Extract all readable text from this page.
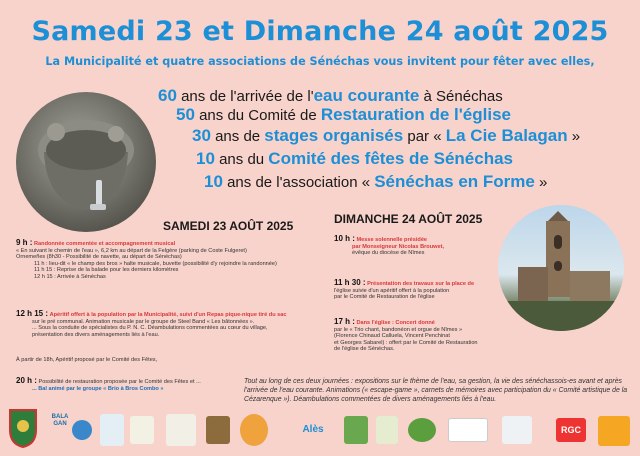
Samedi 23 et Dimanche 24 août 2025
La Municipalité et quatre associations de Sénéchas vous invitent pour fêter avec elles,
60 ans de l'arrivée de l'eau courante à Sénéchas
50 ans du Comité de Restauration de l'église
30 ans de stages organisés par « La Cie Balagan »
10 ans du Comité des fêtes de Sénéchas
10 ans de l'association « Sénéchas en Forme »
SAMEDI 23 AOÛT 2025
9 h : Randonnée commentée et accompagnement musical
« En suivant le chemin de l'eau », 6,2 km au départ de la Felgère (parking de Coste Fulgeret)
Ornemeñes (8h30 - Possibilité de navette, au départ de Sénéchas)
11 h : lieu-dit « le champ des bros » halte musicale, buvette (possibilité d'y rejoindre la randonnée)
11 h 15 : Reprise de la balade pour les derniers kilomètres
12 h 15 : Arrivée à Sénéchas
12 h 15 : Apéritif offert à la population par la Municipalité, suivi d'un Repas pique-nique tiré du sac
sur le pré communal. Animation musicale par le groupe de Steel Band « Les bâtonnées ».
... Sous la conduite de spécialistes du P. N. C. Déambulations commentées au cœur du village,
présentation des divers aménagements liés à l'eau.
À partir de 18h, Apéritif proposé par le Comité des Fêtes,
20 h : Possibilité de restauration proposée par le Comité des Fêtes et ...
... Bal animé par le groupe « Brio à Bros Combo »
DIMANCHE 24 AOÛT 2025
10 h : Messe solennelle présidée
par Monseigneur Nicolas Brouwet,
évêque du diocèse de Nîmes
11 h 30 : Présentation des travaux sur la place de
l'église suivie d'un apéritif offert à la population
par le Comité de Restauration de l'église
17 h : Dans l'église : Concert donné
par le « Trio chant, bandonéon et orgue de Nîmes »
(Florence Chinaud Calluela, Vincent Penchinat
et Georges Sabarel) : offert par le Comité de Restauration
de l'église de Sénéchas.
Tout au long de ces deux journées : expositions sur le thème de l'eau, sa gestion, la vie des sénéchassois-es avant et après l'arrivée de l'eau courante. Animations (« escape-game », carnets de mémoires avec participation du « Comité artistique de la Cézarenque »). Déambulations commentées de divers aménagements liés à l'eau.
BALA GAN	Alès	RGC
